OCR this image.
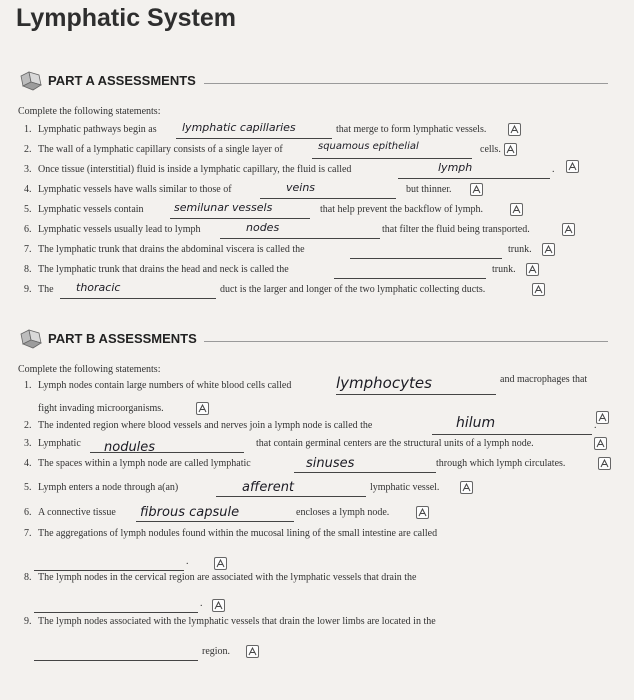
Lymphatic System
PART A ASSESSMENTS
Complete the following statements:
1. Lymphatic pathways begin as lymphatic capillaries	that merge to form lymphatic vessels.
2. The wall of a lymphatic capillary consists of a single layer of	squamous epithelial	cells.
3. Once tissue (interstitial) fluid is inside a lymphatic capillary, the fluid is called	lymph	.
4. Lymphatic vessels have walls similar to those of	veins	but thinner.
5. Lymphatic vessels contain	semilunar vessels	that help prevent the backflow of lymph.
6. Lymphatic vessels usually lead to lymph	nodes	that filter the fluid being transported.
7. The lymphatic trunk that drains the abdominal viscera is called the	trunk.
8. The lymphatic trunk that drains the head and neck is called the	trunk.
9. The thoracic	duct is the larger and longer of the two lymphatic collecting ducts.
PART B ASSESSMENTS
Complete the following statements:
1. Lymph nodes contain large numbers of white blood cells called	lymphocytes	and macrophages that
fight invading microorganisms.
2. The indented region where blood vessels and nerves join a lymph node is called the	hilum	.
3. Lymphatic nodules	that contain germinal centers are the structural units of a lymph node.
4. The spaces within a lymph node are called lymphatic	sinuses	through which lymph circulates.
5. Lymph enters a node through a(an)	afferent	lymphatic vessel.
6. A connective tissue fibrous capsule	encloses a lymph node.
7. The aggregations of lymph nodules found within the mucosal lining of the small intestine are called
.
8. The lymph nodes in the cervical region are associated with the lymphatic vessels that drain the
.
9. The lymph nodes associated with the lymphatic vessels that drain the lower limbs are located in the
region.
